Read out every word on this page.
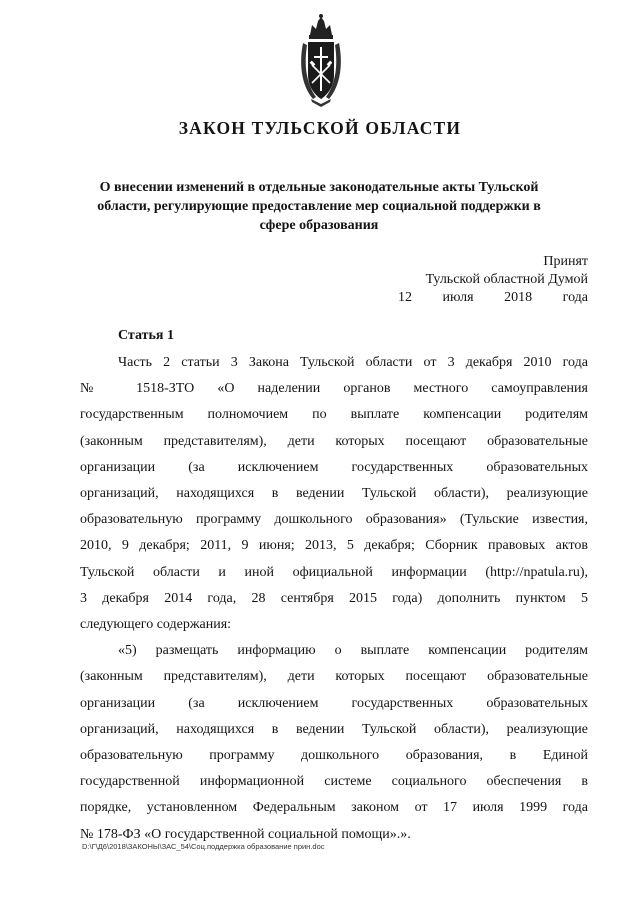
ЗАКОН ТУЛЬСКОЙ ОБЛАСТИ
О внесении изменений в отдельные законодательные акты Тульской
области, регулирующие предоставление мер социальной поддержки в
сфере образования
Принят
Тульской областной Думой
12 июля 2018 года
Статья 1
Часть 2 статьи 3 Закона Тульской области от 3 декабря 2010 года
№ 1518-ЗТО «О наделении органов местного самоуправления
государственным полномочием по выплате компенсации родителям
(законным представителям), дети которых посещают образовательные
организации (за исключением государственных образовательных
организаций, находящихся в ведении Тульской области), реализующие
образовательную программу дошкольного образования» (Тульские известия,
2010, 9 декабря; 2011, 9 июня; 2013, 5 декабря; Сборник правовых актов
Тульской области и иной официальной информации (http://npatula.ru),
3 декабря 2014 года, 28 сентября 2015 года) дополнить пунктом 5
следующего содержания:
«5) размещать информацию о выплате компенсации родителям
(законным представителям), дети которых посещают образовательные
организации (за исключением государственных образовательных
организаций, находящихся в ведении Тульской области), реализующие
образовательную программу дошкольного образования, в Единой
государственной информационной системе социального обеспечения в
порядке, установленном Федеральным законом от 17 июля 1999 года
№ 178-ФЗ «О государственной социальной помощи».».
D:\Г\Д6\2018\ЗАКОНЫ\ЗАС_54\Соц.поддержка образование прин.doc
